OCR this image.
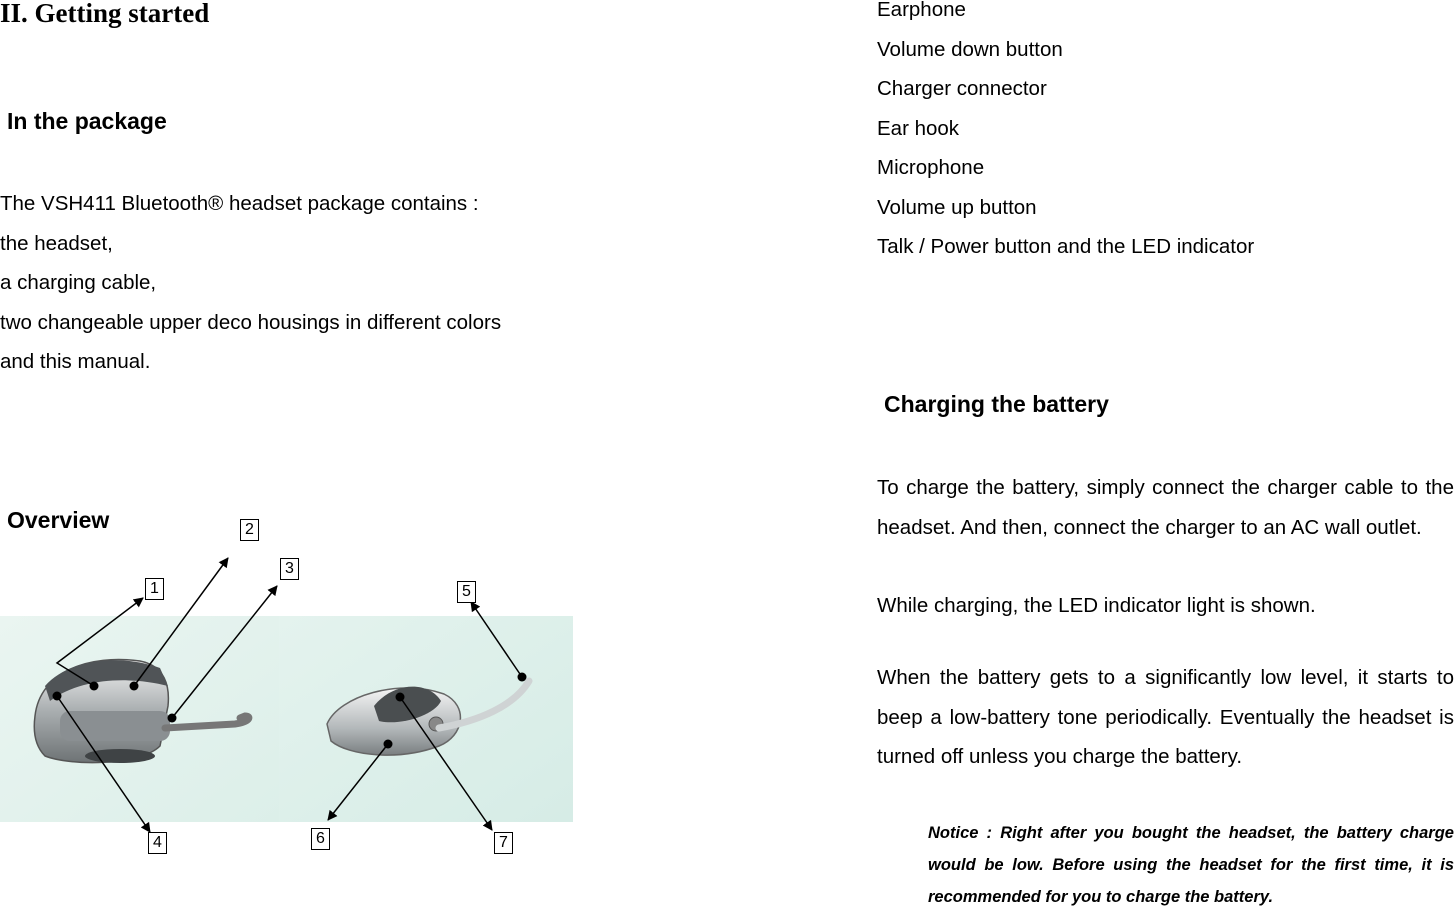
II. Getting started
In the package
The VSH411 Bluetooth® headset package contains :
the headset,
a charging cable,
two changeable upper deco housings in different colors
and this manual.
Overview
1
2
3
4
5
6	7
Earphone
Volume down button
Charger connector
Ear hook
Microphone
Volume up button
Talk / Power button and the LED indicator
Charging the battery
To charge the battery, simply connect the charger cable to the headset. And then, connect the charger to an AC wall outlet.
While charging, the LED indicator light is shown.
When the battery gets to a significantly low level, it starts to beep a low-battery tone periodically. Eventually the headset is turned off unless you charge the battery.
Notice : Right after you bought the headset, the battery charge would be low. Before using the headset for the first time, it is recommended for you to charge the battery.
